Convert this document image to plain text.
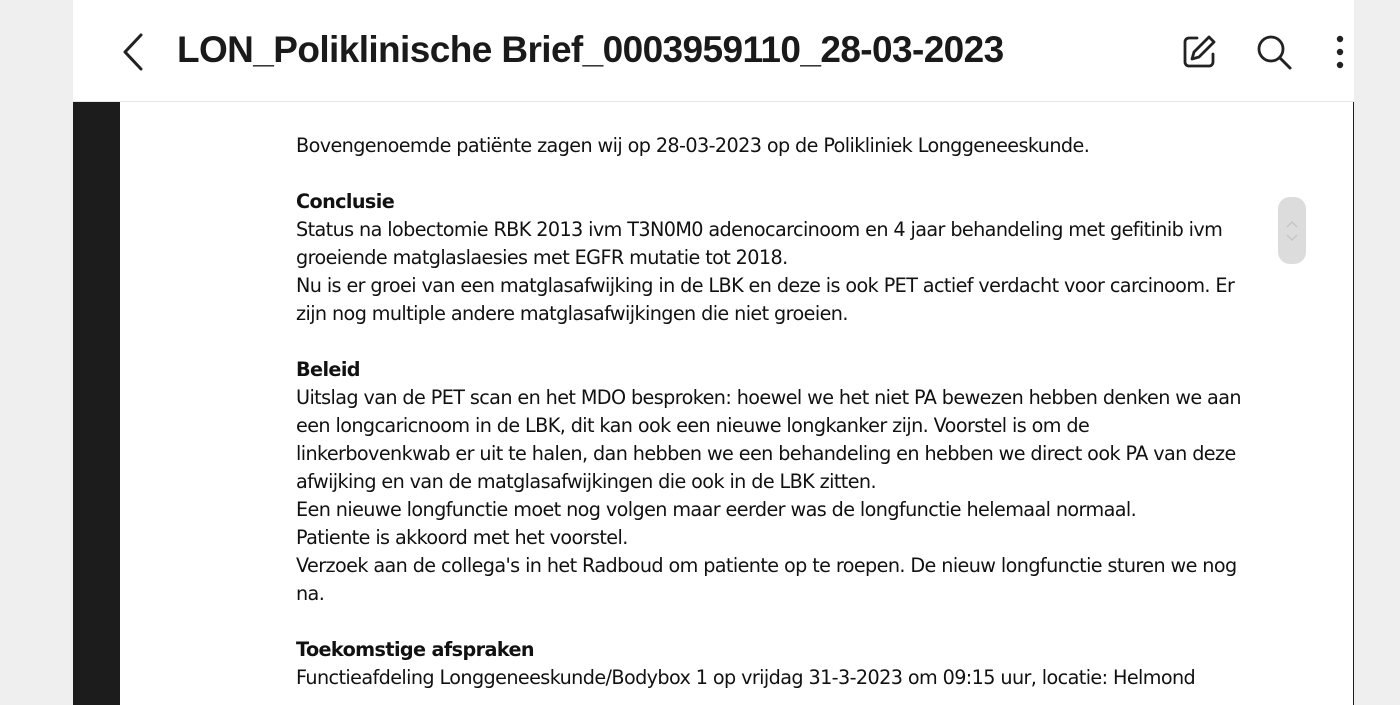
LON_Poliklinische Brief_0003959110_28-03-2023

Bovengenoemde patiënte zagen wij op 28-03-2023 op de Polikliniek Longgeneeskunde.

Conclusie

Status na lobectomie RBK 2013 ivm T3N0M0 adenocarcinoom en 4 jaar behandeling met gefitinib ivm

groeiende matglaslaesies met EGFR mutatie tot 2018.

Nu is er groei van een matglasafwijking in de LBK en deze is ook PET actief verdacht voor carcinoom. Er

zijn nog multiple andere matglasafwijkingen die niet groeien.

Beleid

Uitslag van de PET scan en het MDO besproken: hoewel we het niet PA bewezen hebben denken we aan

een longcaricnoom in de LBK, dit kan ook een nieuwe longkanker zijn. Voorstel is om de

linkerbovenkwab er uit te halen, dan hebben we een behandeling en hebben we direct ook PA van deze

afwijking en van de matglasafwijkingen die ook in de LBK zitten.

Een nieuwe longfunctie moet nog volgen maar eerder was de longfunctie helemaal normaal.

Patiente is akkoord met het voorstel.

Verzoek aan de collega's in het Radboud om patiente op te roepen. De nieuw longfunctie sturen we nog

na.

Toekomstige afspraken

Functieafdeling Longgeneeskunde/Bodybox 1 op vrijdag 31-3-2023 om 09:15 uur, locatie: Helmond
